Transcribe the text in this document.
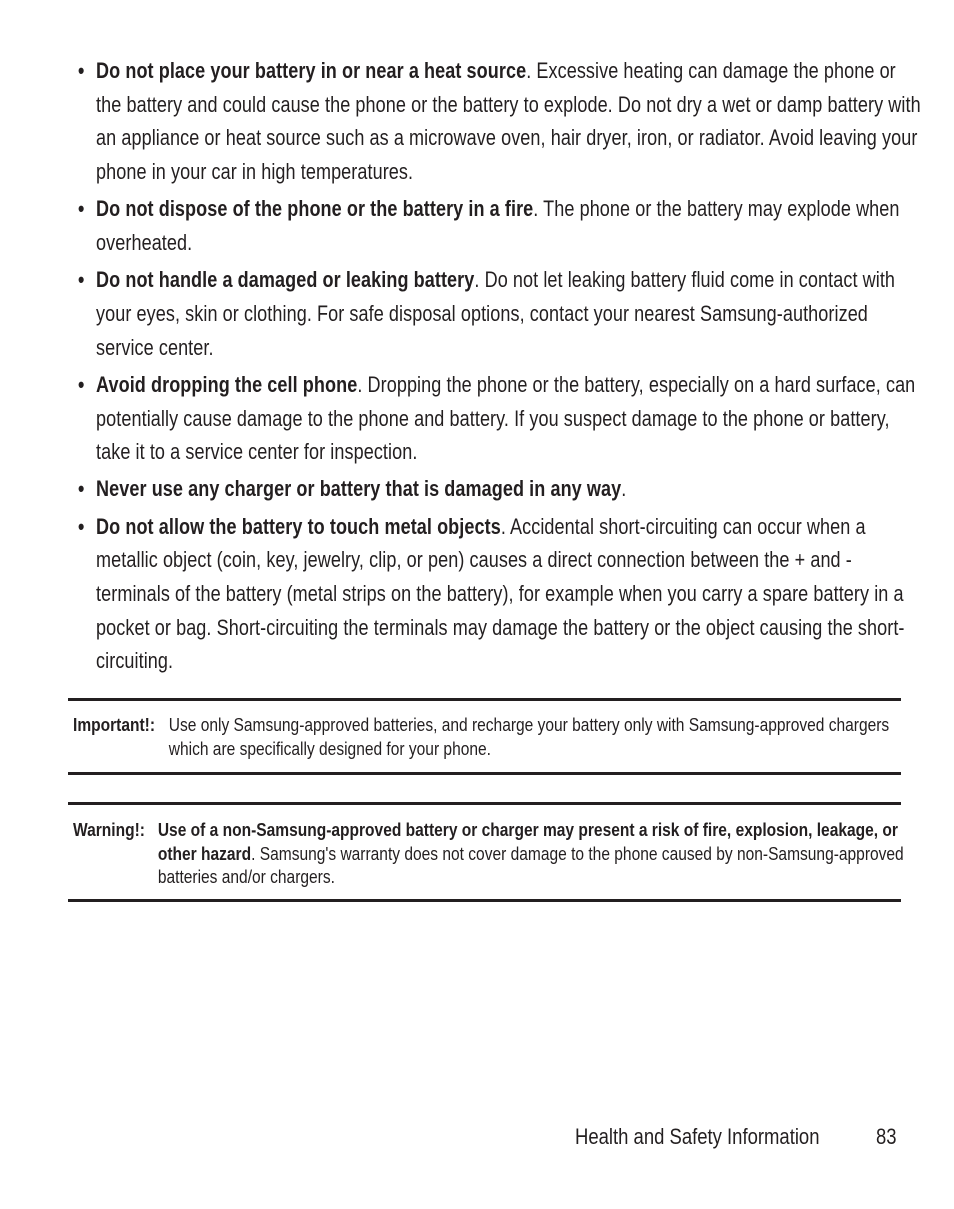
• Do not place your battery in or near a heat source. Excessive heating can damage the phone or the battery and could cause the phone or the battery to explode. Do not dry a wet or damp battery with an appliance or heat source such as a microwave oven, hair dryer, iron, or radiator. Avoid leaving your phone in your car in high temperatures.
• Do not dispose of the phone or the battery in a fire. The phone or the battery may explode when overheated.
• Do not handle a damaged or leaking battery. Do not let leaking battery fluid come in contact with your eyes, skin or clothing. For safe disposal options, contact your nearest Samsung-authorized service center.
• Avoid dropping the cell phone. Dropping the phone or the battery, especially on a hard surface, can potentially cause damage to the phone and battery. If you suspect damage to the phone or battery, take it to a service center for inspection.
• Never use any charger or battery that is damaged in any way.
• Do not allow the battery to touch metal objects. Accidental short-circuiting can occur when a metallic object (coin, key, jewelry, clip, or pen) causes a direct connection between the + and - terminals of the battery (metal strips on the battery), for example when you carry a spare battery in a pocket or bag. Short-circuiting the terminals may damage the battery or the object causing the short-circuiting.
Important!: Use only Samsung-approved batteries, and recharge your battery only with Samsung-approved chargers which are specifically designed for your phone.
Warning!: Use of a non-Samsung-approved battery or charger may present a risk of fire, explosion, leakage, or other hazard. Samsung's warranty does not cover damage to the phone caused by non-Samsung-approved batteries and/or chargers.
Health and Safety Information	83
